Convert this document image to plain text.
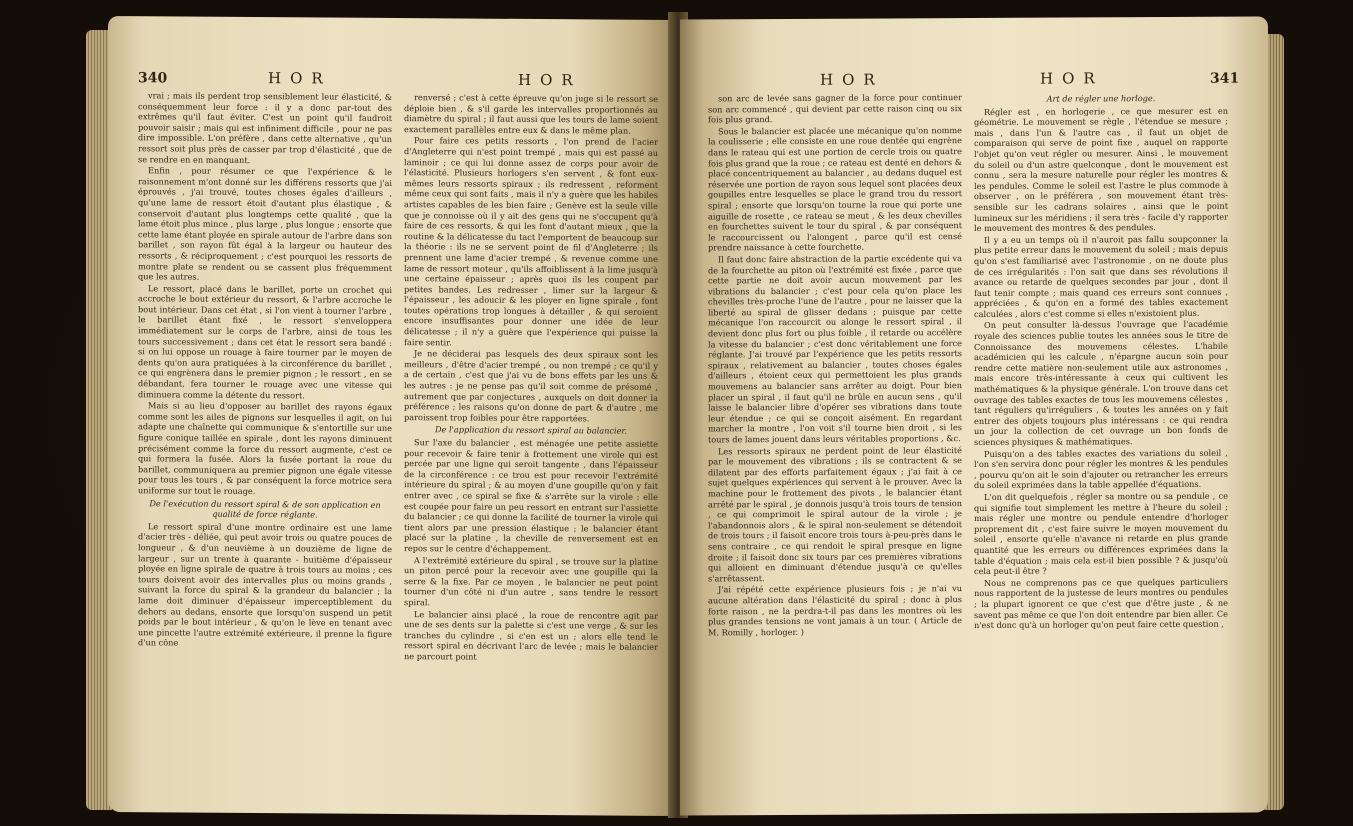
340	HOR	HOR

vrai ; mais ils perdent trop sensiblement leur élasticité, & conséquemment leur force : il y a donc par-tout des extrêmes qu'il faut éviter. C'est un point qu'il faudroit pouvoir saisir ; mais qui est infiniment difficile , pour ne pas dire impossible. L'on préfère , dans cette alternative , qu'un ressort soit plus près de casser par trop d'élasticité , que de se rendre en en manquant.

Enfin , pour résumer ce que l'expérience & le raisonnement m'ont donné sur les différens ressorts que j'ai éprouvés , j'ai trouvé, toutes choses égales d'ailleurs , qu'une lame de ressort étoit d'autant plus élastique , & conservoit d'autant plus longtemps cette qualité , que la lame étoit plus mince , plus large , plus longue ; ensorte que cette lame étant ployée en spirale autour de l'arbre dans son barillet , son rayon fût égal à la largeur ou hauteur des ressorts , & réciproquement ; c'est pourquoi les ressorts de montre plate se rendent ou se cassent plus fréquemment que les autres.

Le ressort, placé dans le barillet, porte un crochet qui accroche le bout extérieur du ressort, & l'arbre accroche le bout intérieur. Dans cet état , si l'on vient à tourner l'arbre , le barillet étant fixé , le ressort s'enveloppera immédiatement sur le corps de l'arbre, ainsi de tous les tours successivement ; dans cet état le ressort sera bandé : si on lui oppose un rouage à faire tourner par le moyen de dents qu'on aura pratiquées à la circonférence du barillet , ce qui engrènera dans le premier pignon ; le ressort , en se débandant, fera tourner le rouage avec une vitesse qui diminuera comme la détente du ressort.

Mais si au lieu d'opposer au barillet des rayons égaux comme sont les ailes de pignons sur lesquelles il agit, on lui adapte une chaînette qui communique & s'entortille sur une figure conique taillée en spirale , dont les rayons diminuent précisément comme la force du ressort augmente, c'est ce qui formera la fusée. Alors la fusée portant la roue du barillet, communiquera au premier pignon une égale vitesse pour tous les tours , & par conséquent la force motrice sera uniforme sur tout le rouage.

De l'exécution du ressort spiral & de son application en qualité de force réglante.

Le ressort spiral d'une montre ordinaire est une lame d'acier très - déliée, qui peut avoir trois ou quatre pouces de longueur , & d'un neuvième à un douzième de ligne de largeur , sur un trente à quarante - huitième d'épaisseur ployée en ligne spirale de quatre à trois tours au moins ; ces tours doivent avoir des intervalles plus ou moins grands , suivant la force du spiral & la grandeur du balancier ; la lame doit diminuer d'épaisseur imperceptiblement du dehors au dedans, ensorte que lorsqu'on suspend un petit poids par le bout intérieur , & qu'on le lève en tenant avec une pincette l'autre extrémité extérieure, il prenne la figure d'un cône

renversé ; c'est à cette épreuve qu'on juge si le ressort se déploie bien , & s'il garde les intervalles proportionnés au diamètre du spiral ; il faut aussi que les tours de lame soient exactement parallèles entre eux & dans le même plan.

Pour faire ces petits ressorts , l'on prend de l'acier d'Angleterre qui n'est point trempé , mais qui est passé au laminoir ; ce qui lui donne assez de corps pour avoir de l'élasticité. Plusieurs horlogers s'en servent , & font eux-mêmes leurs ressorts spiraux ; ils redressent , reforment même ceux qui sont faits , mais il n'y a guère que les habiles artistes capables de les bien faire ; Genève est la seule ville que je connoisse où il y ait des gens qui ne s'occupent qu'à faire de ces ressorts, & qui les font d'autant mieux , que la routine & la délicatesse du tact l'emportent de beaucoup sur la théorie : ils ne se servent point de fil d'Angleterre ; ils prennent une lame d'acier trempé , & revenue comme une lame de ressort moteur , qu'ils affoiblissent à la lime jusqu'à une certaine épaisseur ; après quoi ils les coupent par petites bandes. Les redresser , limer sur la largeur & l'épaisseur , les adoucir & les ployer en ligne spirale , font toutes opérations trop longues à détailler , & qui seroient encore insuffisantes pour donner une idée de leur délicatesse ; il n'y a guère que l'expérience qui puisse la faire sentir.

Je ne déciderai pas lesquels des deux spiraux sont les meilleurs , d'être d'acier trempé , ou non trempé ; ce qu'il y a de certain , c'est que j'ai vu de bons effets par les uns & les autres : je ne pense pas qu'il soit comme de présomé , autrement que par conjectures , auxquels on doit donner la préférence ; les raisons qu'on donne de part & d'autre , me paroissent trop foibles pour être rapportées.

De l'application du ressort spiral au balancier.

Sur l'axe du balancier , est ménagée une petite assiette pour recevoir & faire tenir à frottement une virole qui est percée par une ligne qui seroit tangente , dans l'épaisseur de la circonférence : ce trou est pour recevoir l'extrémité intérieure du spiral ; & au moyen d'une goupille qu'on y fait entrer avec , ce spiral se fixe & s'arrête sur la virole : elle est coupée pour faire un peu ressort en entrant sur l'assiette du balancier ; ce qui donne la facilité de tourner la virole qui tient alors par une pression élastique ; le balancier étant placé sur la platine , la cheville de renversement est en repos sur le centre d'échappement.

A l'extrémité extérieure du spiral , se trouve sur la platine un piton percé pour la recevoir avec une goupille qui la serre & la fixe. Par ce moyen , le balancier ne peut point tourner d'un côté ni d'un autre , sans tendre le ressort spiral.

Le balancier ainsi placé , la roue de rencontre agit par une de ses dents sur la palette si c'est une verge , & sur les tranches du cylindre , si c'en est un ; alors elle tend le ressort spiral en décrivant l'arc de levée ; mais le balancier ne parcourt point

HOR	HOR	341

son arc de levée sans gagner de la force pour continuer son arc commencé , qui devient par cette raison cinq ou six fois plus grand.

Sous le balancier est placée une mécanique qu'on nomme la coulisserie ; elle consiste en une roue dentée qui engrène dans le rateau qui est une portion de cercle trois ou quatre fois plus grand que la roue ; ce rateau est denté en dehors & placé concentriquement au balancier , au dedans duquel est réservée une portion de rayon sous lequel sont placées deux goupilles entre lesquelles se place le grand trou du ressort spiral ; ensorte que lorsqu'on tourne la roue qui porte une aiguille de rosette , ce rateau se meut , & les deux chevilles en fourchettes suivent le tour du spiral , & par conséquent le raccourcissent ou l'alongent , parce qu'il est censé prendre naissance à cette fourchette.

Il faut donc faire abstraction de la partie excédente qui va de la fourchette au piton où l'extrémité est fixée , parce que cette partie ne doit avoir aucun mouvement par les vibrations du balancier ; c'est pour cela qu'on place les chevilles très-proche l'une de l'autre , pour ne laisser que la liberté au spiral de glisser dedans ; puisque par cette mécanique l'on raccourcit ou alonge le ressort spiral , il devient donc plus fort ou plus foible , il retarde ou accélère la vitesse du balancier ; c'est donc véritablement une force réglante. J'ai trouvé par l'expérience que les petits ressorts spiraux , relativement au balancier , toutes choses égales d'ailleurs , étoient ceux qui permettoient les plus grands mouvemens au balancier sans arrêter au doigt. Pour bien placer un spiral , il faut qu'il ne brûle en aucun sens , qu'il laisse le balancier libre d'opérer ses vibrations dans toute leur étendue ; ce qui se conçoit aisément. En regardant marcher la montre , l'on voit s'il tourne bien droit , si les tours de lames jouent dans leurs véritables proportions , &c.

Les ressorts spiraux ne perdent point de leur élasticité par le mouvement des vibrations ; ils se contractent & se dilatent par des efforts parfaitement égaux ; j'ai fait à ce sujet quelques expériences qui servent à le prouver. Avec la machine pour le frottement des pivots , le balancier étant arrêté par le spiral , je donnois jusqu'à trois tours de tension , ce qui comprimoit le spiral autour de la virole ; je l'abandonnois alors , & le spiral non-seulement se détendoit de trois tours ; il faisoit encore trois tours à-peu-près dans le sens contraire , ce qui rendoit le spiral presque en ligne droite ; il faisoit donc six tours par ces premières vibrations qui alloient en diminuant d'étendue jusqu'à ce qu'elles s'arrêtassent.

J'ai répété cette expérience plusieurs fois ; je n'ai vu aucune altération dans l'élasticité du spiral ; donc à plus forte raison , ne la perdra-t-il pas dans les montres où les plus grandes tensions ne vont jamais à un tour. ( Article de M. Romilly , horloger. )

Art de régler une horloge.

Régler est , en horlogerie , ce que mesurer est en géométrie. Le mouvement se règle , l'étendue se mesure ; mais , dans l'un & l'autre cas , il faut un objet de comparaison qui serve de point fixe , auquel on rapporte l'objet qu'on veut régler ou mesurer. Ainsi , le mouvement du soleil ou d'un astre quelconque , dont le mouvement est connu , sera la mesure naturelle pour régler les montres & les pendules. Comme le soleil est l'astre le plus commode à observer , on le préférera , son mouvement étant très-sensible sur les cadrans solaires , ainsi que le point lumineux sur les méridiens ; il sera très - facile d'y rapporter le mouvement des montres & des pendules.

Il y a eu un temps où il n'auroit pas fallu soupçonner la plus petite erreur dans le mouvement du soleil ; mais depuis qu'on s'est familiarisé avec l'astronomie , on ne doute plus de ces irrégularités : l'on sait que dans ses révolutions il avance ou retarde de quelques secondes par jour , dont il faut tenir compte ; mais quand ces erreurs sont connues , appréciées , & qu'on en a formé des tables exactement calculées , alors c'est comme si elles n'existoient plus.

On peut consulter là-dessus l'ouvrage que l'académie royale des sciences publie toutes les années sous le titre de Connoissance des mouvemens célestes. L'habile académicien qui les calcule , n'épargne aucun soin pour rendre cette matière non-seulement utile aux astronomes , mais encore très-intéressante à ceux qui cultivent les mathématiques & la physique générale. L'on trouve dans cet ouvrage des tables exactes de tous les mouvemens célestes , tant réguliers qu'irréguliers , & toutes les années on y fait entrer des objets toujours plus intéressans : ce qui rendra un jour la collection de cet ouvrage un bon fonds de sciences physiques & mathématiques.

Puisqu'on a des tables exactes des variations du soleil , l'on s'en servira donc pour régler les montres & les pendules , pourvu qu'on ait le soin d'ajouter ou retrancher les erreurs du soleil exprimées dans la table appellée d'équations.

L'on dit quelquefois , régler sa montre ou sa pendule , ce qui signifie tout simplement les mettre à l'heure du soleil ; mais régler une montre ou pendule entendre d'horloger proprement dit , c'est faire suivre le moyen mouvement du soleil , ensorte qu'elle n'avance ni retarde en plus grande quantité que les erreurs ou différences exprimées dans la table d'équation ; mais cela est-il bien possible ? & jusqu'où cela peut-il être ?

Nous ne comprenons pas ce que quelques particuliers nous rapportent de la justesse de leurs montres ou pendules ; la plupart ignorent ce que c'est que d'être juste , & ne savent pas même ce que l'on doit entendre par bien aller. Ce n'est donc qu'à un horloger qu'on peut faire cette question ,
